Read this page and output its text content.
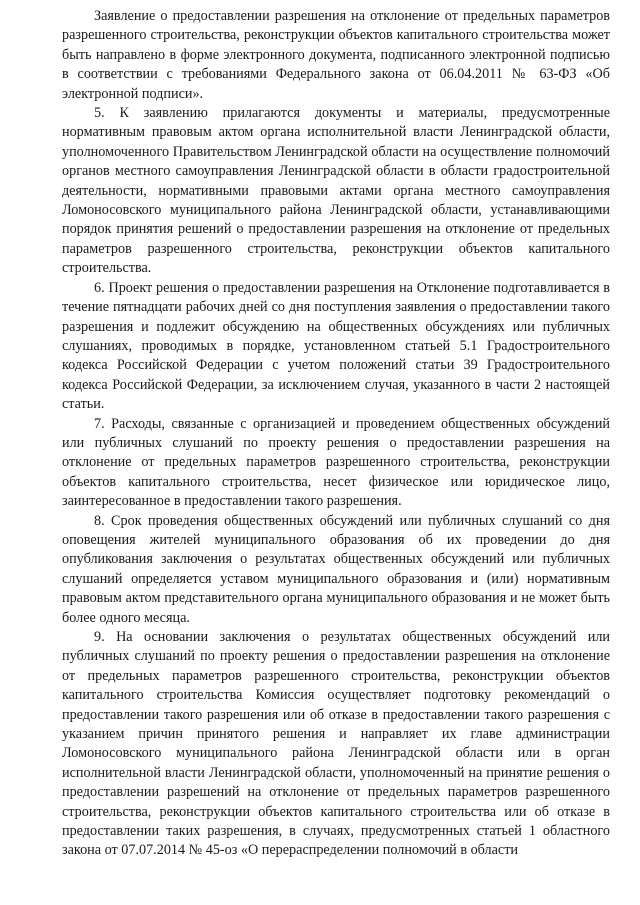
Заявление о предоставлении разрешения на отклонение от предельных параметров разрешенного строительства, реконструкции объектов капитального строительства может быть направлено в форме электронного документа, подписанного электронной подписью в соответствии с требованиями Федерального закона от 06.04.2011 № 63-ФЗ «Об электронной подписи».

5. К заявлению прилагаются документы и материалы, предусмотренные нормативным правовым актом органа исполнительной власти Ленинградской области, уполномоченного Правительством Ленинградской области на осуществление полномочий органов местного самоуправления Ленинградской области в области градостроительной деятельности, нормативными правовыми актами органа местного самоуправления Ломоносовского муниципального района Ленинградской области, устанавливающими порядок принятия решений о предоставлении разрешения на отклонение от предельных параметров разрешенного строительства, реконструкции объектов капитального строительства.

6. Проект решения о предоставлении разрешения на Отклонение подготавливается в течение пятнадцати рабочих дней со дня поступления заявления о предоставлении такого разрешения и подлежит обсуждению на общественных обсуждениях или публичных слушаниях, проводимых в порядке, установленном статьей 5.1 Градостроительного кодекса Российской Федерации с учетом положений статьи 39 Градостроительного кодекса Российской Федерации, за исключением случая, указанного в части 2 настоящей статьи.

7. Расходы, связанные с организацией и проведением общественных обсуждений или публичных слушаний по проекту решения о предоставлении разрешения на отклонение от предельных параметров разрешенного строительства, реконструкции объектов капитального строительства, несет физическое или юридическое лицо, заинтересованное в предоставлении такого разрешения.

8. Срок проведения общественных обсуждений или публичных слушаний со дня оповещения жителей муниципального образования об их проведении до дня опубликования заключения о результатах общественных обсуждений или публичных слушаний определяется уставом муниципального образования и (или) нормативным правовым актом представительного органа муниципального образования и не может быть более одного месяца.

9. На основании заключения о результатах общественных обсуждений или публичных слушаний по проекту решения о предоставлении разрешения на отклонение от предельных параметров разрешенного строительства, реконструкции объектов капитального строительства Комиссия осуществляет подготовку рекомендаций о предоставлении такого разрешения или об отказе в предоставлении такого разрешения с указанием причин принятого решения и направляет их главе администрации Ломоносовского муниципального района Ленинградской области или в орган исполнительной власти Ленинградской области, уполномоченный на принятие решения о предоставлении разрешений на отклонение от предельных параметров разрешенного строительства, реконструкции объектов капитального строительства или об отказе в предоставлении таких разрешения, в случаях, предусмотренных статьей 1 областного закона от 07.07.2014 № 45-оз «О перераспределении полномочий в области
